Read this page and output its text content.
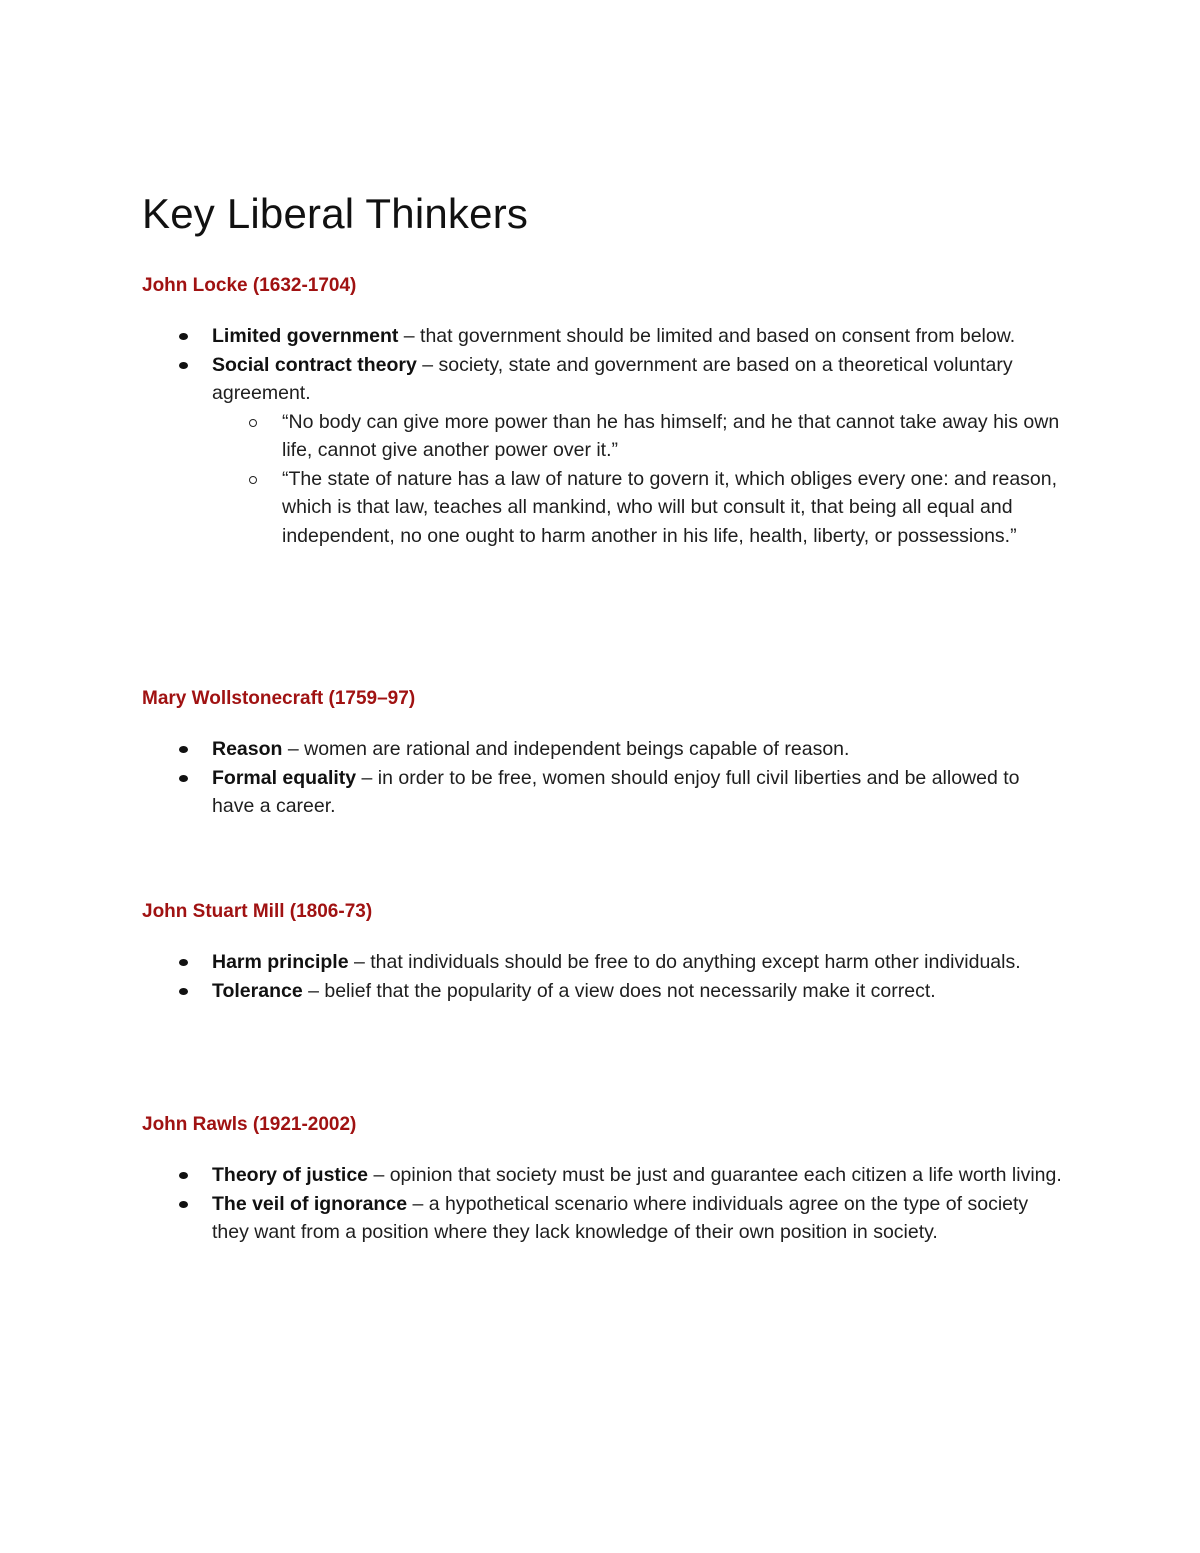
Key Liberal Thinkers
John Locke (1632-1704)
Limited government – that government should be limited and based on consent from below.
Social contract theory – society, state and government are based on a theoretical voluntary agreement.
“No body can give more power than he has himself; and he that cannot take away his own life, cannot give another power over it.”
“The state of nature has a law of nature to govern it, which obliges every one: and reason, which is that law, teaches all mankind, who will but consult it, that being all equal and independent, no one ought to harm another in his life, health, liberty, or possessions.”
Mary Wollstonecraft (1759–97)
Reason – women are rational and independent beings capable of reason.
Formal equality – in order to be free, women should enjoy full civil liberties and be allowed to have a career.
John Stuart Mill (1806-73)
Harm principle – that individuals should be free to do anything except harm other individuals.
Tolerance – belief that the popularity of a view does not necessarily make it correct.
John Rawls (1921-2002)
Theory of justice – opinion that society must be just and guarantee each citizen a life worth living.
The veil of ignorance – a hypothetical scenario where individuals agree on the type of society they want from a position where they lack knowledge of their own position in society.
